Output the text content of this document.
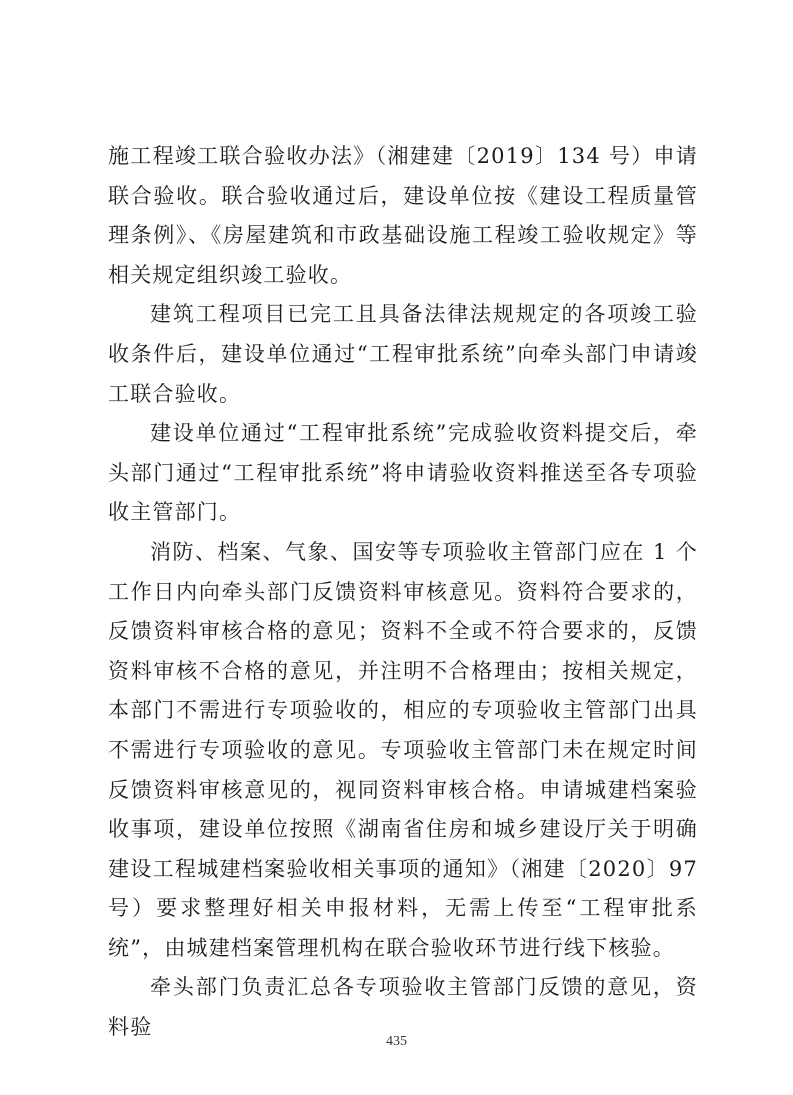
施工程竣工联合验收办法》（湘建建〔2019〕134 号）申请联合验收。联合验收通过后，建设单位按《建设工程质量管理条例》、《房屋建筑和市政基础设施工程竣工验收规定》等相关规定组织竣工验收。

建筑工程项目已完工且具备法律法规规定的各项竣工验收条件后，建设单位通过“工程审批系统”向牵头部门申请竣工联合验收。

建设单位通过“工程审批系统”完成验收资料提交后，牵头部门通过“工程审批系统”将申请验收资料推送至各专项验收主管部门。

消防、档案、气象、国安等专项验收主管部门应在 1 个工作日内向牵头部门反馈资料审核意见。资料符合要求的，反馈资料审核合格的意见；资料不全或不符合要求的，反馈资料审核不合格的意见，并注明不合格理由；按相关规定，本部门不需进行专项验收的，相应的专项验收主管部门出具不需进行专项验收的意见。专项验收主管部门未在规定时间反馈资料审核意见的，视同资料审核合格。申请城建档案验收事项，建设单位按照《湖南省住房和城乡建设厅关于明确建设工程城建档案验收相关事项的通知》（湘建〔2020〕97 号）要求整理好相关申报材料，无需上传至“工程审批系统”，由城建档案管理机构在联合验收环节进行线下核验。

牵头部门负责汇总各专项验收主管部门反馈的意见，资料验

435
